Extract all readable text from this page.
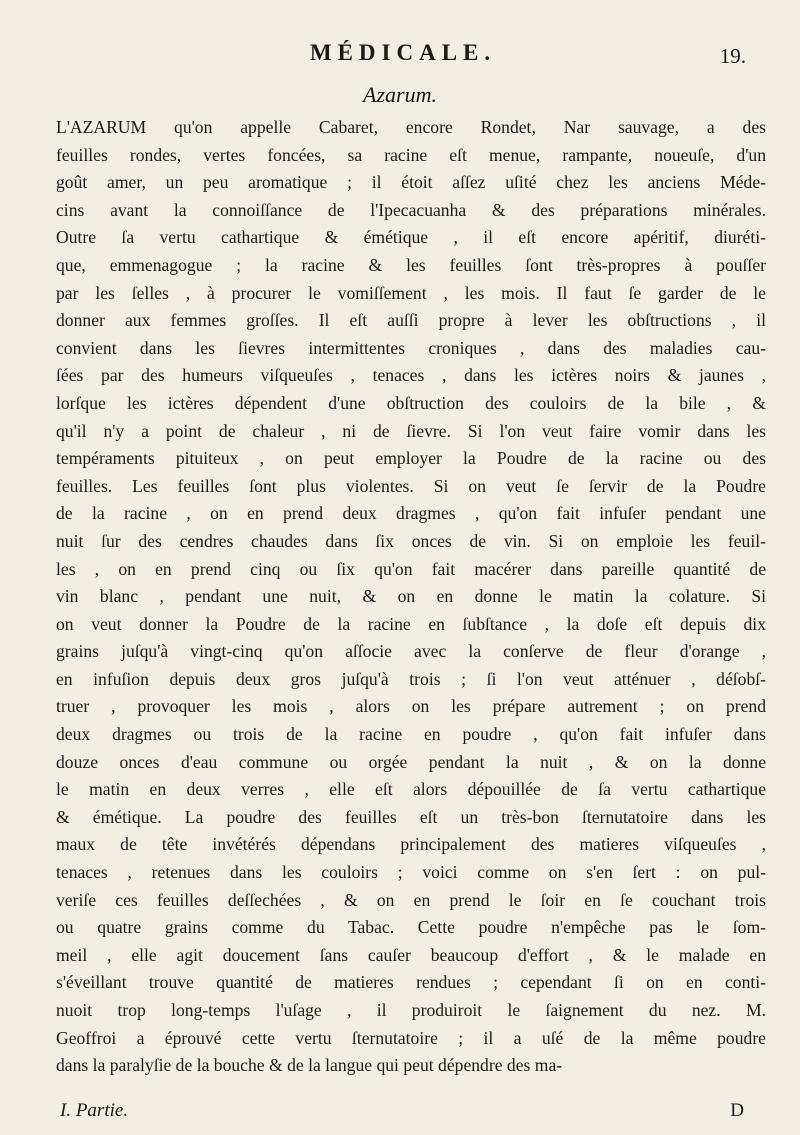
MÉDICALE.	19.
Azarum.
L'AZARUM qu'on appelle Cabaret, encore Rondet, Nar sauvage, a des
feuilles rondes, vertes foncées, sa racine eſt menue, rampante, noueuſe, d'un
goût amer, un peu aromatique ; il étoit aſſez uſité chez les anciens Méde-
cins avant la connoiſſance de l'Ipecacuanha & des préparations minérales.
Outre ſa vertu cathartique & émétique , il eſt encore apéritif, diuréti-
que, emmenagogue ; la racine & les feuilles ſont très-propres à pouſſer
par les ſelles , à procurer le vomiſſement , les mois. Il faut ſe garder de le
donner aux femmes groſſes. Il eſt auſſi propre à lever les obſtructions , il
convient dans les ſievres intermittentes croniques , dans des maladies cau-
ſées par des humeurs viſqueuſes , tenaces , dans les ictères noirs & jaunes ,
lorſque les ictères dépendent d'une obſtruction des couloirs de la bile , &
qu'il n'y a point de chaleur , ni de ſievre. Si l'on veut faire vomir dans les
tempéraments pituiteux , on peut employer la Poudre de la racine ou des
feuilles. Les feuilles ſont plus violentes. Si on veut ſe ſervir de la Poudre
de la racine , on en prend deux dragmes , qu'on fait infuſer pendant une
nuit ſur des cendres chaudes dans ſix onces de vin. Si on emploie les feuil-
les , on en prend cinq ou ſix qu'on fait macérer dans pareille quantité de
vin blanc , pendant une nuit, & on en donne le matin la colature. Si
on veut donner la Poudre de la racine en ſubſtance , la doſe eſt depuis dix
grains juſqu'à vingt-cinq qu'on aſſocie avec la conſerve de fleur d'orange ,
en infuſion depuis deux gros juſqu'à trois ; ſi l'on veut atténuer , déſobſ-
truer , provoquer les mois , alors on les prépare autrement ; on prend
deux dragmes ou trois de la racine en poudre , qu'on fait infuſer dans
douze onces d'eau commune ou orgée pendant la nuit , & on la donne
le matin en deux verres , elle eſt alors dépouillée de ſa vertu cathartique
& émétique. La poudre des feuilles eſt un très-bon ſternutatoire dans les
maux de tête invétérés dépendans principalement des matieres viſqueuſes ,
tenaces , retenues dans les couloirs ; voici comme on s'en ſert : on pul-
veriſe ces feuilles deſſechées , & on en prend le ſoir en ſe couchant trois
ou quatre grains comme du Tabac. Cette poudre n'empêche pas le ſom-
meil , elle agit doucement ſans cauſer beaucoup d'effort , & le malade en
s'éveillant trouve quantité de matieres rendues ; cependant ſi on en conti-
nuoit trop long-temps l'uſage , il produiroit le ſaignement du nez. M.
Geoffroi a éprouvé cette vertu ſternutatoire ; il a uſé de la même poudre
dans la paralyſie de la bouche & de la langue qui peut dépendre des ma-
I. Partie.	D
